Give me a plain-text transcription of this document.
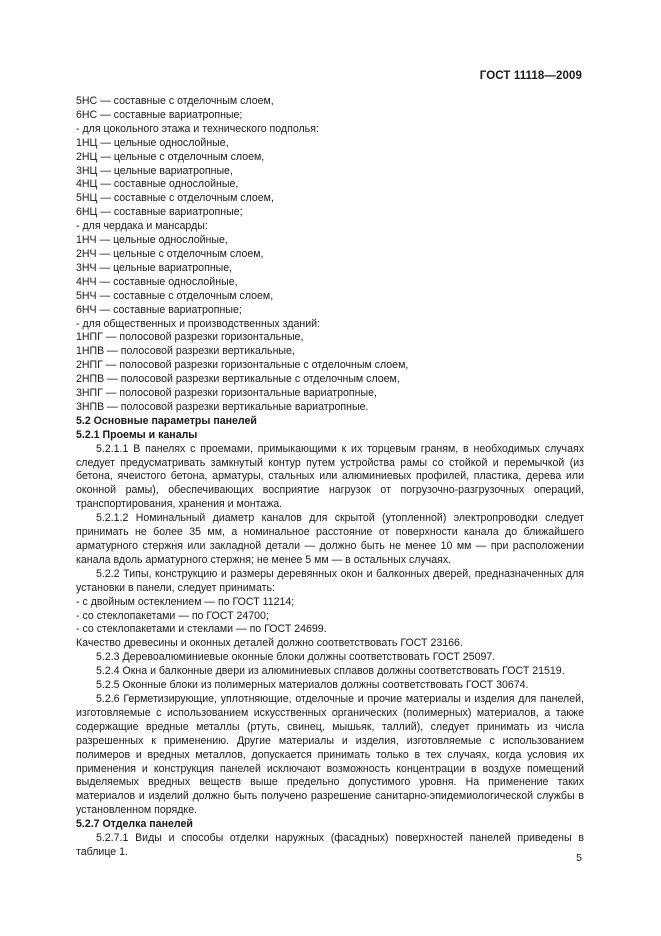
ГОСТ 11118—2009

5НС — составные с отделочным слоем,

6НС — составные вариатропные;

- для цокольного этажа и технического подполья:

1НЦ — цельные однослойные,

2НЦ — цельные с отделочным слоем,

3НЦ — цельные вариатропные,

4НЦ — составные однослойные,

5НЦ — составные с отделочным слоем,

6НЦ — составные вариатропные;

- для чердака и мансарды:

1НЧ — цельные однослойные,

2НЧ — цельные с отделочным слоем,

3НЧ — цельные вариатропные,

4НЧ — составные однослойные,

5НЧ — составные с отделочным слоем,

6НЧ — составные вариатропные;

- для общественных и производственных зданий:

1НПГ — полосовой разрезки горизонтальные,

1НПВ — полосовой разрезки вертикальные,

2НПГ — полосовой разрезки горизонтальные с отделочным слоем,

2НПВ — полосовой разрезки вертикальные с отделочным слоем,

3НПГ — полосовой разрезки горизонтальные вариатропные,

3НПВ — полосовой разрезки вертикальные вариатропные.

5.2 Основные параметры панелей

5.2.1 Проемы и каналы

5.2.1.1 В панелях с проемами, примыкающими к их торцевым граням, в необходимых случаях следует предусматривать замкнутый контур путем устройства рамы со стойкой и перемычкой (из бетона, ячеистого бетона, арматуры, стальных или алюминиевых профилей, пластика, дерева или оконной рамы), обеспечивающих восприятие нагрузок от погрузочно-разгрузочных операций, транспортирования, хранения и монтажа.

5.2.1.2 Номинальный диаметр каналов для скрытой (утопленной) электропроводки следует принимать не более 35 мм, а номинальное расстояние от поверхности канала до ближайшего арматурного стержня или закладной детали — должно быть не менее 10 мм — при расположении канала вдоль арматурного стержня; не менее 5 мм — в остальных случаях.

5.2.2 Типы, конструкцию и размеры деревянных окон и балконных дверей, предназначенных для установки в панели, следует принимать:

- с двойным остеклением — по ГОСТ 11214;

- со стеклопакетами — по ГОСТ 24700;

- со стеклопакетами и стеклами — по ГОСТ 24699.

Качество древесины и оконных деталей должно соответствовать ГОСТ 23166.

5.2.3 Деревоалюминиевые оконные блоки должны соответствовать ГОСТ 25097.

5.2.4 Окна и балконные двери из алюминиевых сплавов должны соответствовать ГОСТ 21519.

5.2.5 Оконные блоки из полимерных материалов должны соответствовать ГОСТ 30674.

5.2.6 Герметизирующие, уплотняющие, отделочные и прочие материалы и изделия для панелей, изготовляемые с использованием искусственных органических (полимерных) материалов, а также содержащие вредные металлы (ртуть, свинец, мышьяк, таллий), следует принимать из числа разрешенных к применению. Другие материалы и изделия, изготовляемые с использованием полимеров и вредных металлов, допускается принимать только в тех случаях, когда условия их применения и конструкция панелей исключают возможность концентрации в воздухе помещений выделяемых вредных веществ выше предельно допустимого уровня. На применение таких материалов и изделий должно быть получено разрешение санитарно-эпидемиологической службы в установленном порядке.

5.2.7 Отделка панелей

5.2.7.1 Виды и способы отделки наружных (фасадных) поверхностей панелей приведены в таблице 1.

5
